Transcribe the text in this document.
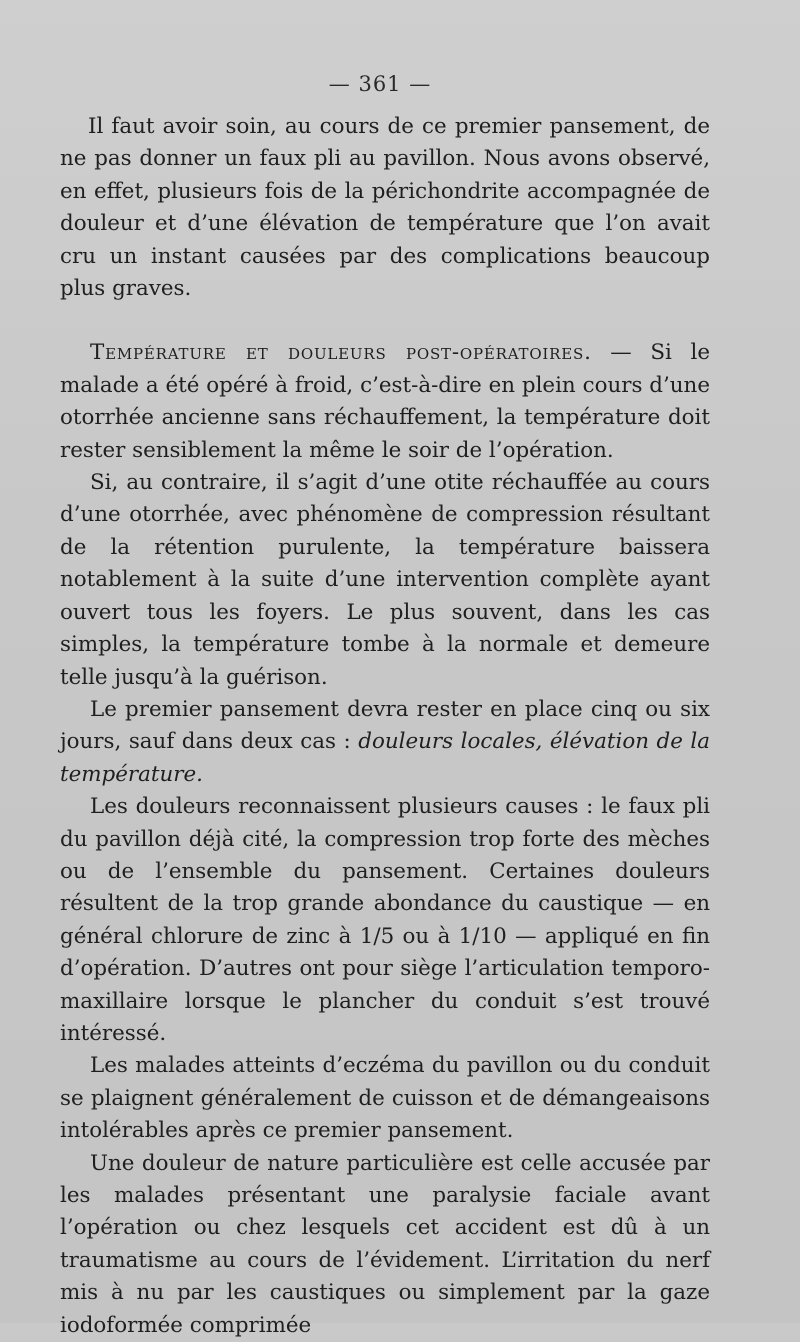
— 361 —

Il faut avoir soin, au cours de ce premier pansement, de ne pas donner un faux pli au pavillon. Nous avons observé, en effet, plusieurs fois de la périchondrite accompagnée de douleur et d’une élévation de température que l’on avait cru un instant causées par des complications beaucoup plus graves.

Température et douleurs post-opératoires. — Si le malade a été opéré à froid, c’est-à-dire en plein cours d’une otorrhée ancienne sans réchauffement, la température doit rester sensiblement la même le soir de l’opération.

Si, au contraire, il s’agit d’une otite réchauffée au cours d’une otorrhée, avec phénomène de compression résultant de la rétention purulente, la température baissera notablement à la suite d’une intervention complète ayant ouvert tous les foyers. Le plus souvent, dans les cas simples, la température tombe à la normale et demeure telle jusqu’à la guérison.

Le premier pansement devra rester en place cinq ou six jours, sauf dans deux cas : douleurs locales, élévation de la température.

Les douleurs reconnaissent plusieurs causes : le faux pli du pavillon déjà cité, la compression trop forte des mèches ou de l’ensemble du pansement. Certaines douleurs résultent de la trop grande abondance du caustique — en général chlorure de zinc à 1/5 ou à 1/10 — appliqué en fin d’opération. D’autres ont pour siège l’articulation temporo-maxillaire lorsque le plancher du conduit s’est trouvé intéressé.

Les malades atteints d’eczéma du pavillon ou du conduit se plaignent généralement de cuisson et de démangeaisons intolérables après ce premier pansement.

Une douleur de nature particulière est celle accusée par les malades présentant une paralysie faciale avant l’opération ou chez lesquels cet accident est dû à un traumatisme au cours de l’évidement. L’irritation du nerf mis à nu par les caustiques ou simplement par la gaze iodoformée comprimée
